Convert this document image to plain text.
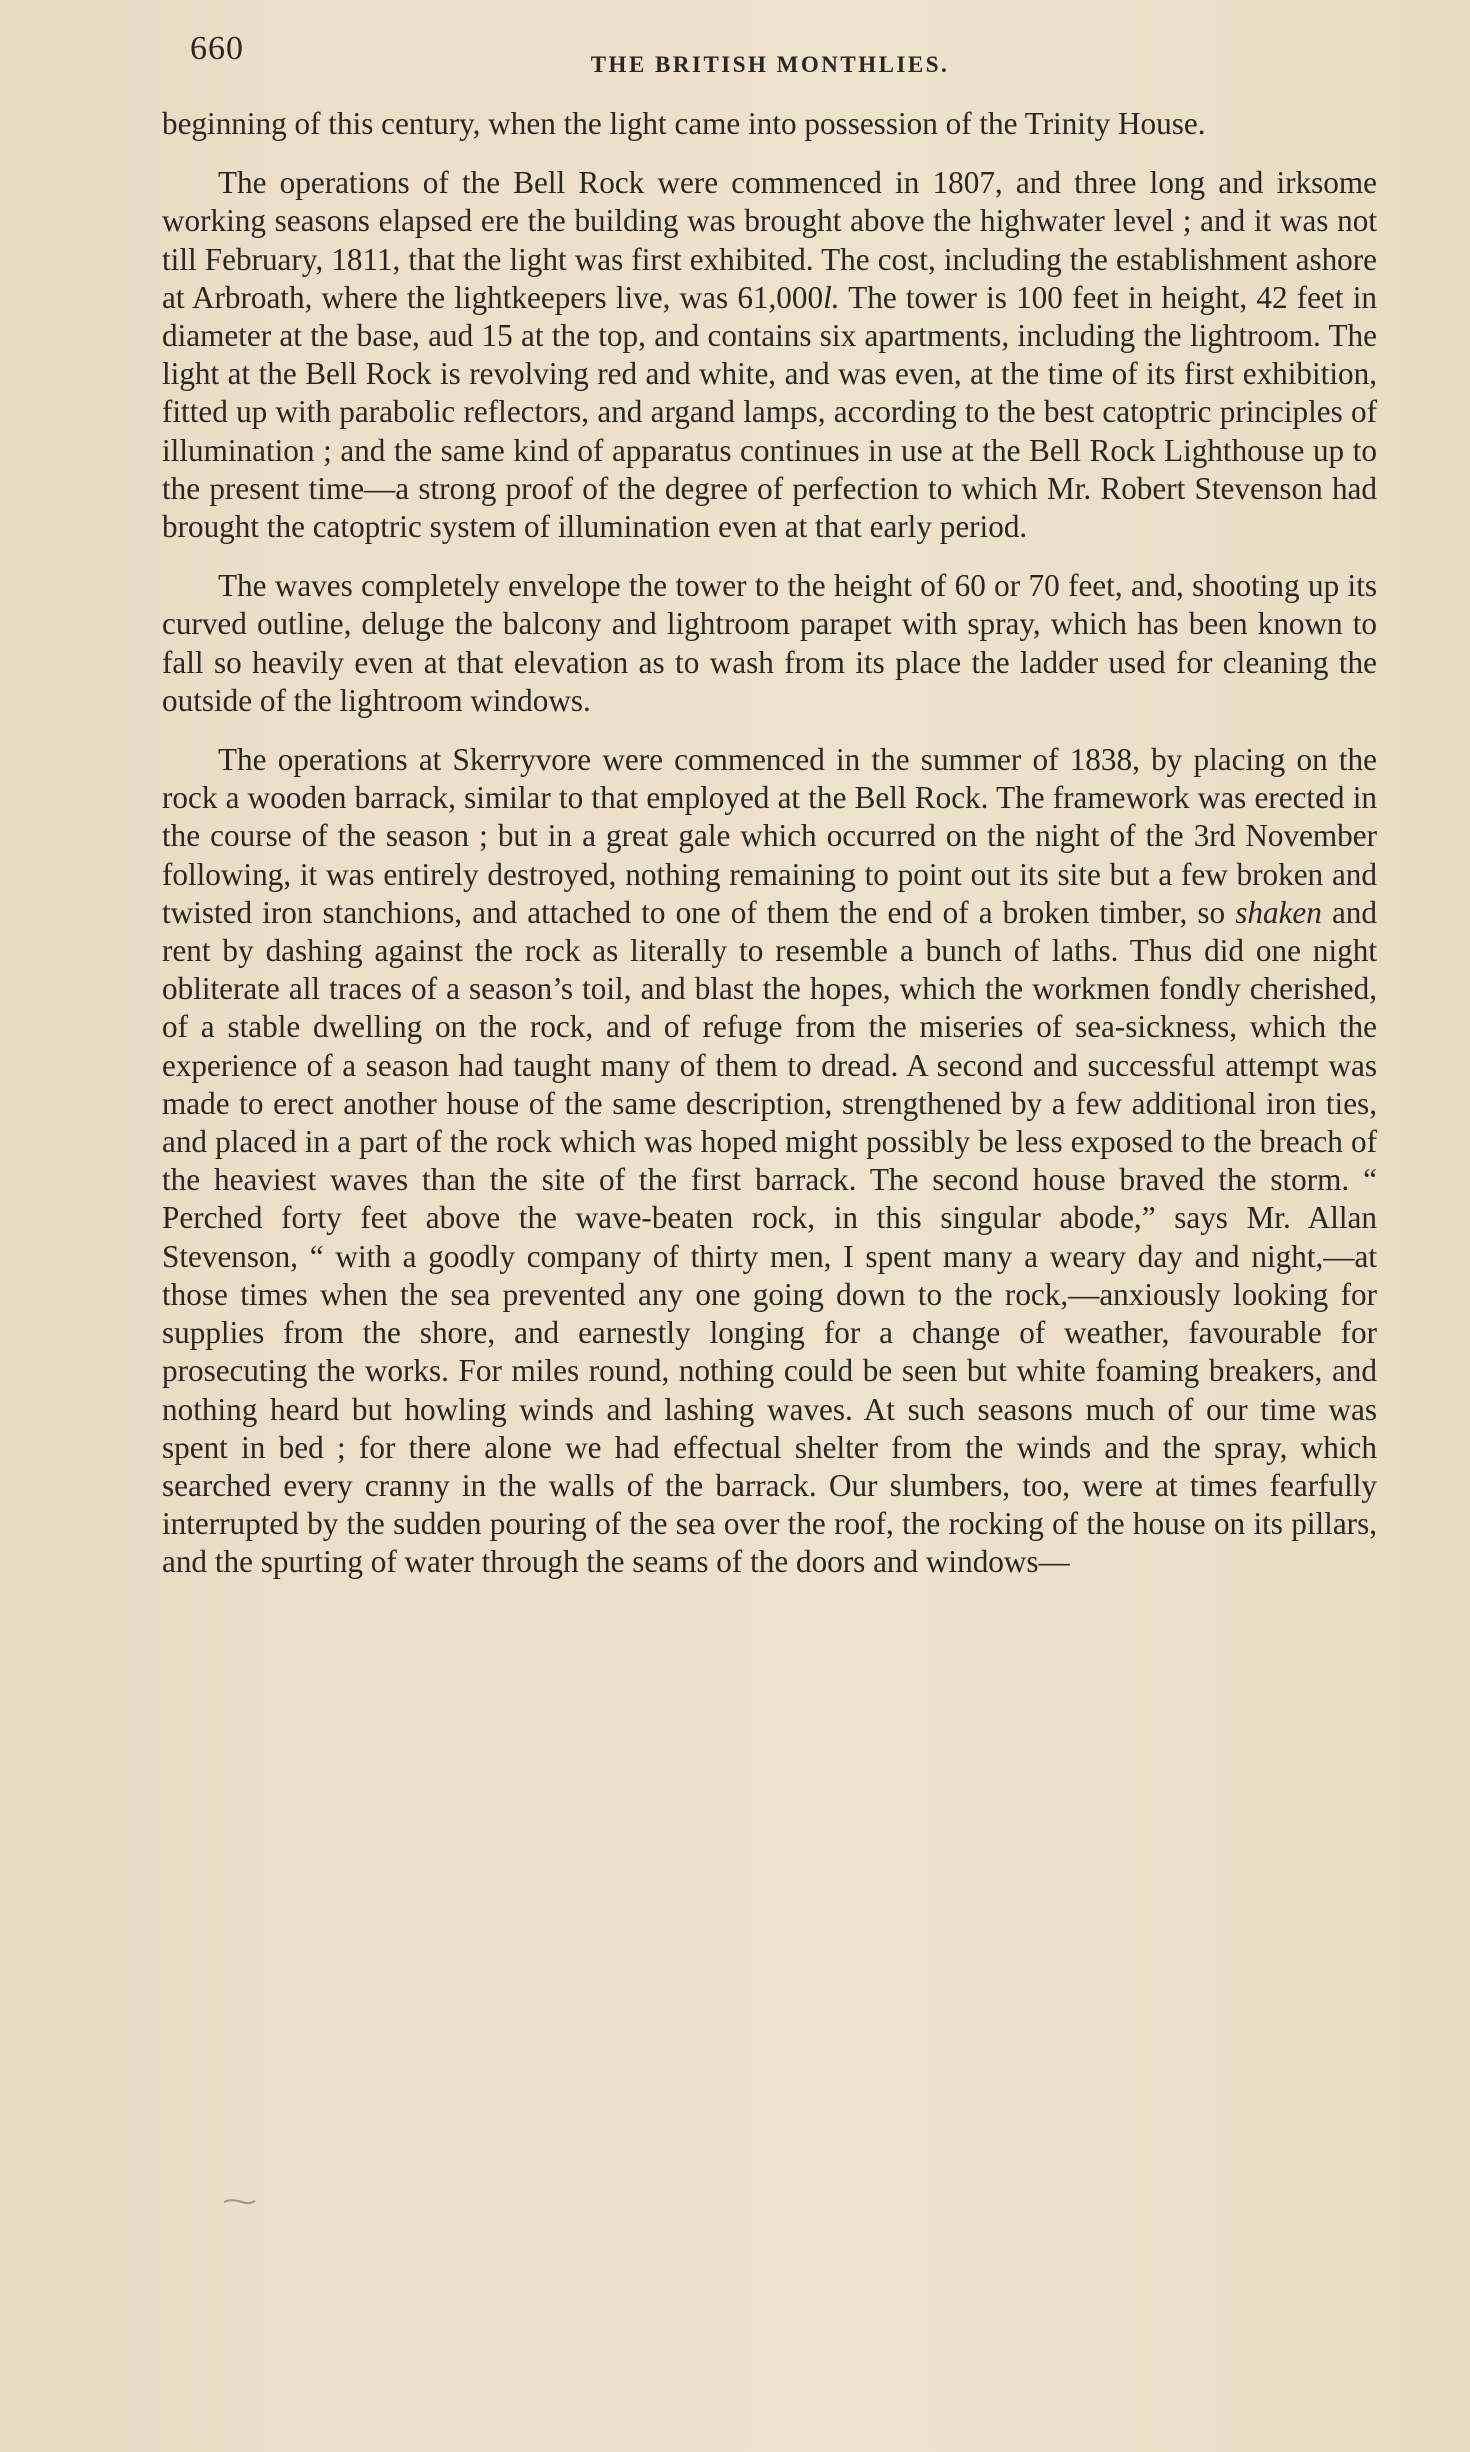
660	THE BRITISH MONTHLIES.

beginning of this century, when the light came into possession of the Trinity House.

The operations of the Bell Rock were commenced in 1807, and three long and irksome working seasons elapsed ere the building was brought above the highwater level ; and it was not till February, 1811, that the light was first exhibited. The cost, including the establishment ashore at Arbroath, where the lightkeepers live, was 61,000l. The tower is 100 feet in height, 42 feet in diameter at the base, aud 15 at the top, and contains six apartments, including the lightroom. The light at the Bell Rock is revolving red and white, and was even, at the time of its first exhibition, fitted up with parabolic reflectors, and argand lamps, according to the best catoptric principles of illumination ; and the same kind of apparatus continues in use at the Bell Rock Lighthouse up to the present time—a strong proof of the degree of perfection to which Mr. Robert Stevenson had brought the catoptric system of illumination even at that early period.

The waves completely envelope the tower to the height of 60 or 70 feet, and, shooting up its curved outline, deluge the balcony and lightroom parapet with spray, which has been known to fall so heavily even at that elevation as to wash from its place the ladder used for cleaning the outside of the lightroom windows.

The operations at Skerryvore were commenced in the summer of 1838, by placing on the rock a wooden barrack, similar to that employed at the Bell Rock. The framework was erected in the course of the season ; but in a great gale which occurred on the night of the 3rd November following, it was entirely destroyed, nothing remaining to point out its site but a few broken and twisted iron stanchions, and attached to one of them the end of a broken timber, so shaken and rent by dashing against the rock as literally to resemble a bunch of laths. Thus did one night obliterate all traces of a season’s toil, and blast the hopes, which the workmen fondly cherished, of a stable dwelling on the rock, and of refuge from the miseries of sea-sickness, which the experience of a season had taught many of them to dread. A second and successful attempt was made to erect another house of the same description, strengthened by a few additional iron ties, and placed in a part of the rock which was hoped might possibly be less exposed to the breach of the heaviest waves than the site of the first barrack. The second house braved the storm. “ Perched forty feet above the wave-beaten rock, in this singular abode,” says Mr. Allan Stevenson, “ with a goodly company of thirty men, I spent many a weary day and night,—at those times when the sea prevented any one going down to the rock,—anxiously looking for supplies from the shore, and earnestly longing for a change of weather, favourable for prosecuting the works. For miles round, nothing could be seen but white foaming breakers, and nothing heard but howling winds and lashing waves. At such seasons much of our time was spent in bed ; for there alone we had effectual shelter from the winds and the spray, which searched every cranny in the walls of the barrack. Our slumbers, too, were at times fearfully interrupted by the sudden pouring of the sea over the roof, the rocking of the house on its pillars, and the spurting of water through the seams of the doors and windows—
